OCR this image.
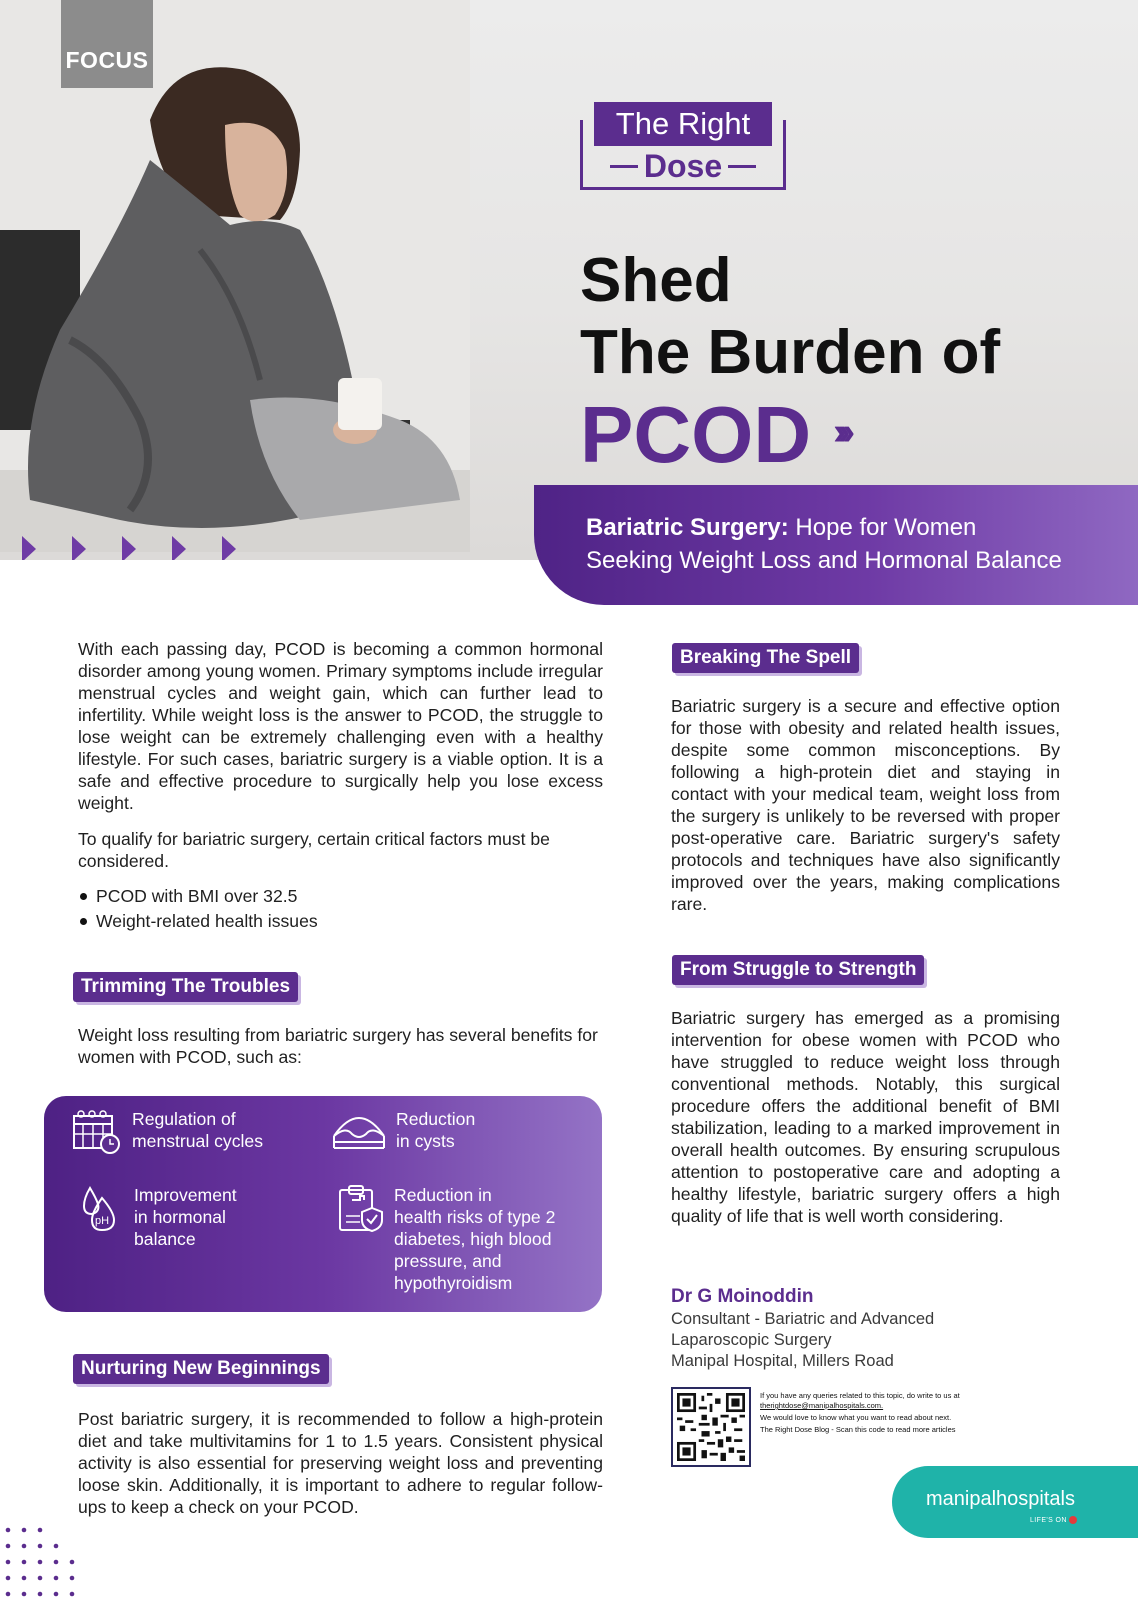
FOCUS
The Right
Dose
Shed
The Burden of
PCOD ›››

Bariatric Surgery: Hope for Women

Seeking Weight Loss and Hormonal Balance

With each passing day, PCOD is becoming a common hormonal disorder among young women. Primary symptoms include irregular menstrual cycles and weight gain, which can further lead to infertility. While weight loss is the answer to PCOD, the struggle to lose weight can be extremely challenging even with a healthy lifestyle. For such cases, bariatric surgery is a viable option. It is a safe and effective procedure to surgically help you lose excess weight.

To qualify for bariatric surgery, certain critical factors must be considered.

PCOD with BMI over 32.5
Weight-related health issues
Trimming The Troubles

Weight loss resulting from bariatric surgery has several benefits for women with PCOD, such as:

Regulation of
menstrual cycles
Reduction
in cysts
pH
Improvement
in hormonal
balance
Reduction in
health risks of type 2
diabetes, high blood
pressure, and
hypothyroidism
Nurturing New Beginnings

Post bariatric surgery, it is recommended to follow a high-protein diet and take multivitamins for 1 to 1.5 years. Consistent physical activity is also essential for preserving weight loss and preventing loose skin. Additionally, it is important to adhere to regular follow-ups to keep a check on your PCOD.

Breaking The Spell

Bariatric surgery is a secure and effective option for those with obesity and related health issues, despite some common misconceptions. By following a high-protein diet and staying in contact with your medical team, weight loss from the surgery is unlikely to be reversed with proper post-operative care. Bariatric surgery's safety protocols and techniques have also significantly improved over the years, making complications rare.

From Struggle to Strength

Bariatric surgery has emerged as a promising intervention for obese women with PCOD who have struggled to reduce weight loss through conventional methods. Notably, this surgical procedure offers the additional benefit of BMI stabilization, leading to a marked improvement in overall health outcomes. By ensuring scrupulous attention to postoperative care and adopting a healthy lifestyle, bariatric surgery offers a high quality of life that is well worth considering.

Dr G Moinoddin
Consultant - Bariatric and Advanced
Laparoscopic Surgery
Manipal Hospital, Millers Road

If you have any queries related to this topic, do write to us at therightdose@manipalhospitals.com.

We would love to know what you want to read about next.

The Right Dose Blog - Scan this code to read more articles

manipalhospitals
LIFE'S ON
